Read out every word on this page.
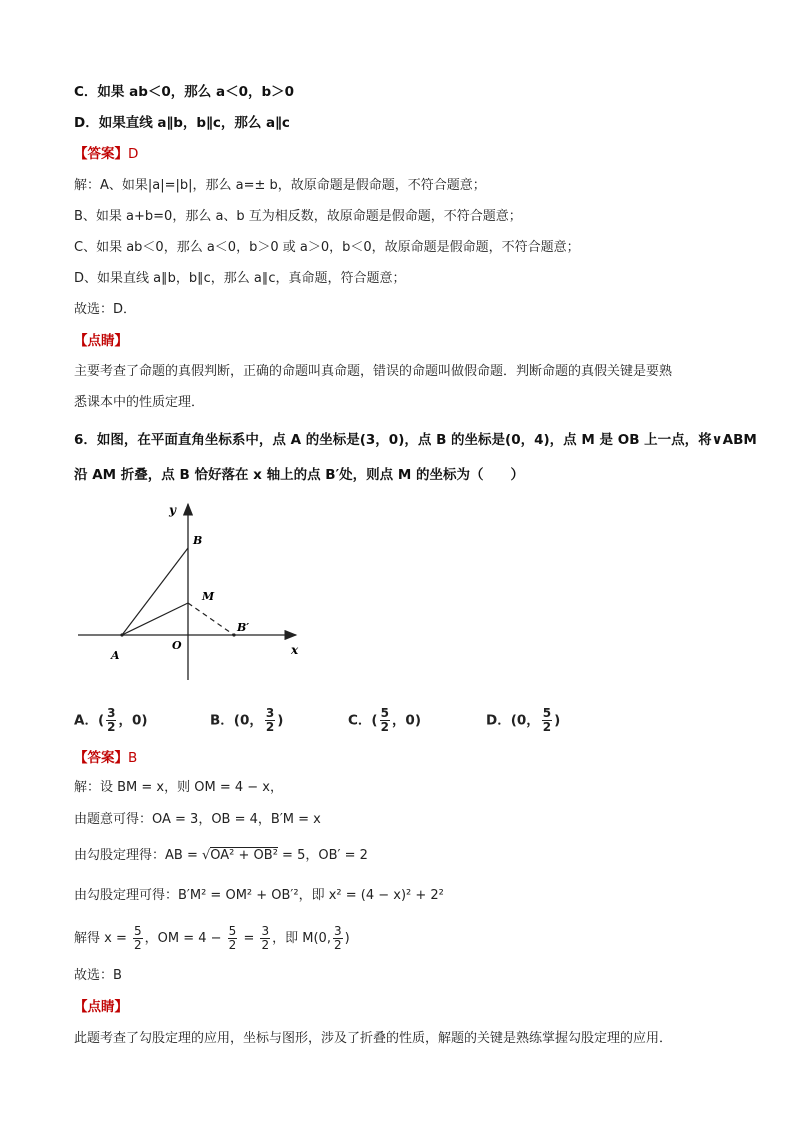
C．如果 ab＜0，那么 a＜0，b＞0
D．如果直线 a∥b，b∥c，那么 a∥c
【答案】D
解：A、如果|a|=|b|，那么 a=± b，故原命题是假命题，不符合题意；
B、如果 a+b=0，那么 a、b 互为相反数，故原命题是假命题，不符合题意；
C、如果 ab＜0，那么 a＜0，b＞0 或 a＞0，b＜0，故原命题是假命题，不符合题意；
D、如果直线 a∥b，b∥c，那么 a∥c，真命题，符合题意；
故选：D．
【点睛】
主要考查了命题的真假判断，正确的命题叫真命题，错误的命题叫做假命题．判断命题的真假关键是要熟
悉课本中的性质定理．
6．如图，在平面直角坐标系中，点 A 的坐标是(3，0)，点 B 的坐标是(0，4)，点 M 是 OB 上一点，将∨ABM
沿 AM 折叠，点 B 恰好落在 x 轴上的点 B′处，则点 M 的坐标为（　　）
y
x
B
M
O
A
B′
A．( $\frac{3}{2}$ ，0)	B．(0， $\frac{3}{2}$ )	C．( $\frac{5}{2}$ ，0)	D．(0， $\frac{5}{2}$ )
【答案】B
解：设 BM = x，则 OM = 4 − x，
由题意可得：OA = 3，OB = 4，B′M = x
由勾股定理得：AB = √OA² + OB² = 5，OB′ = 2
由勾股定理可得：B′M² = OM² + OB′²，即 x² = (4 − x)² + 2²
解得 $x = \frac{5}{2}$ ，OM = $4 - \frac{5}{2} = \frac{3}{2}$ ，即 M(0, $\frac{3}{2}$ )
故选：B
【点睛】
此题考查了勾股定理的应用，坐标与图形，涉及了折叠的性质，解题的关键是熟练掌握勾股定理的应用．
